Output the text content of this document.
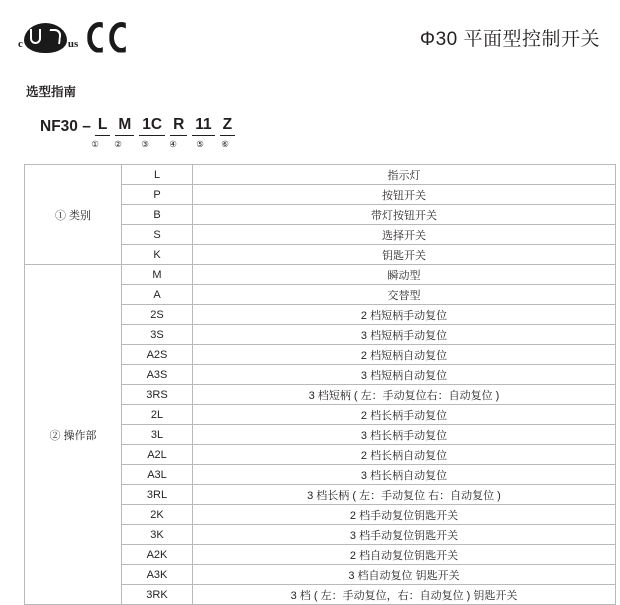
c	us	Φ30 平面型控制开关
选型指南
NF30 – L M 1C R 11 Z
①	②	③	④	⑤	⑥
① 类别	L	指示灯
	P	按钮开关
	B	带灯按钮开关
	S	选择开关
	K	钥匙开关
② 操作部	M	瞬动型
	A	交替型
	2S	2 档短柄手动复位
	3S	3 档短柄手动复位
	A2S	2 档短柄自动复位
	A3S	3 档短柄自动复位
	3RS	3 档短柄 ( 左：手动复位右：自动复位 )
	2L	2 档长柄手动复位
	3L	3 档长柄手动复位
	A2L	2 档长柄自动复位
	A3L	3 档长柄自动复位
	3RL	3 档长柄 ( 左：手动复位 右：自动复位 )
	2K	2 档手动复位钥匙开关
	3K	3 档手动复位钥匙开关
	A2K	2 档自动复位钥匙开关
	A3K	3 档自动复位 钥匙开关
	3RK	3 档 ( 左：手动复位，右：自动复位 ) 钥匙开关
